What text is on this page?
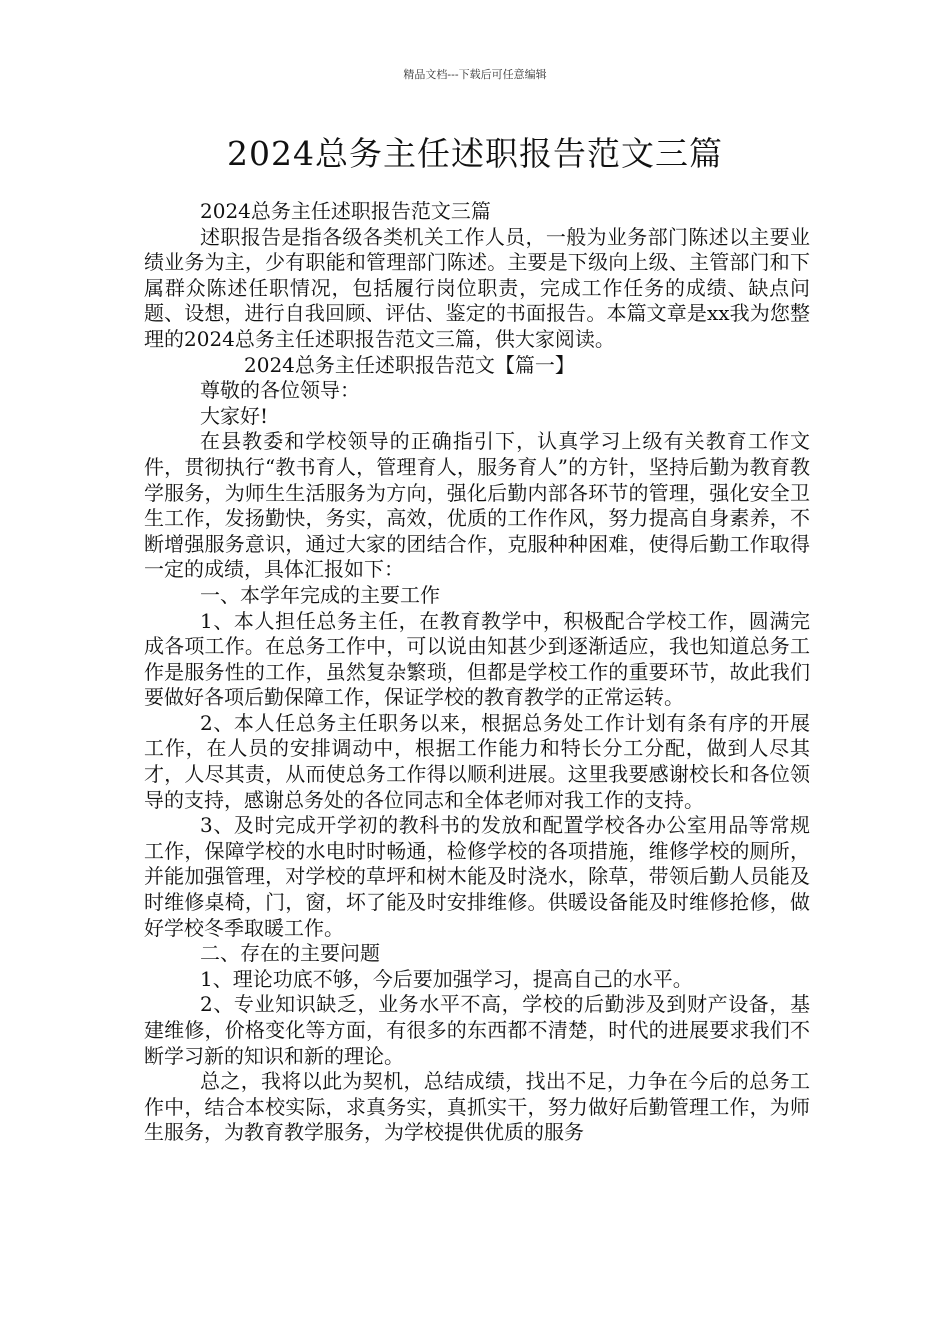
精品文档---下载后可任意编辑
2024总务主任述职报告范文三篇

2024总务主任述职报告范文三篇

述职报告是指各级各类机关工作人员，一般为业务部门陈述以主要业绩业务为主，少有职能和管理部门陈述。主要是下级向上级、主管部门和下属群众陈述任职情况，包括履行岗位职责，完成工作任务的成绩、缺点问题、设想，进行自我回顾、评估、鉴定的书面报告。本篇文章是xx我为您整理的2024总务主任述职报告范文三篇，供大家阅读。

2024总务主任述职报告范文【篇一】

尊敬的各位领导：

大家好!

在县教委和学校领导的正确指引下，认真学习上级有关教育工作文件，贯彻执行“教书育人，管理育人，服务育人”的方针，坚持后勤为教育教学服务，为师生生活服务为方向，强化后勤内部各环节的管理，强化安全卫生工作，发扬勤快，务实，高效，优质的工作作风，努力提高自身素养，不断增强服务意识，通过大家的团结合作，克服种种困难，使得后勤工作取得一定的成绩，具体汇报如下：

一、本学年完成的主要工作

1、本人担任总务主任，在教育教学中，积极配合学校工作，圆满完成各项工作。在总务工作中，可以说由知甚少到逐渐适应，我也知道总务工作是服务性的工作，虽然复杂繁琐，但都是学校工作的重要环节，故此我们要做好各项后勤保障工作，保证学校的教育教学的正常运转。

2、本人任总务主任职务以来，根据总务处工作计划有条有序的开展工作，在人员的安排调动中，根据工作能力和特长分工分配，做到人尽其才，人尽其责，从而使总务工作得以顺利进展。这里我要感谢校长和各位领导的支持，感谢总务处的各位同志和全体老师对我工作的支持。

3、及时完成开学初的教科书的发放和配置学校各办公室用品等常规工作，保障学校的水电时时畅通，检修学校的各项措施，维修学校的厕所，并能加强管理，对学校的草坪和树木能及时浇水，除草，带领后勤人员能及时维修桌椅，门，窗，坏了能及时安排维修。供暖设备能及时维修抢修，做好学校冬季取暖工作。

二、存在的主要问题

1、理论功底不够，今后要加强学习，提高自己的水平。

2、专业知识缺乏，业务水平不高，学校的后勤涉及到财产设备，基建维修，价格变化等方面，有很多的东西都不清楚，时代的进展要求我们不断学习新的知识和新的理论。

总之，我将以此为契机，总结成绩，找出不足，力争在今后的总务工作中，结合本校实际，求真务实，真抓实干，努力做好后勤管理工作，为师生服务，为教育教学服务，为学校提供优质的服务
